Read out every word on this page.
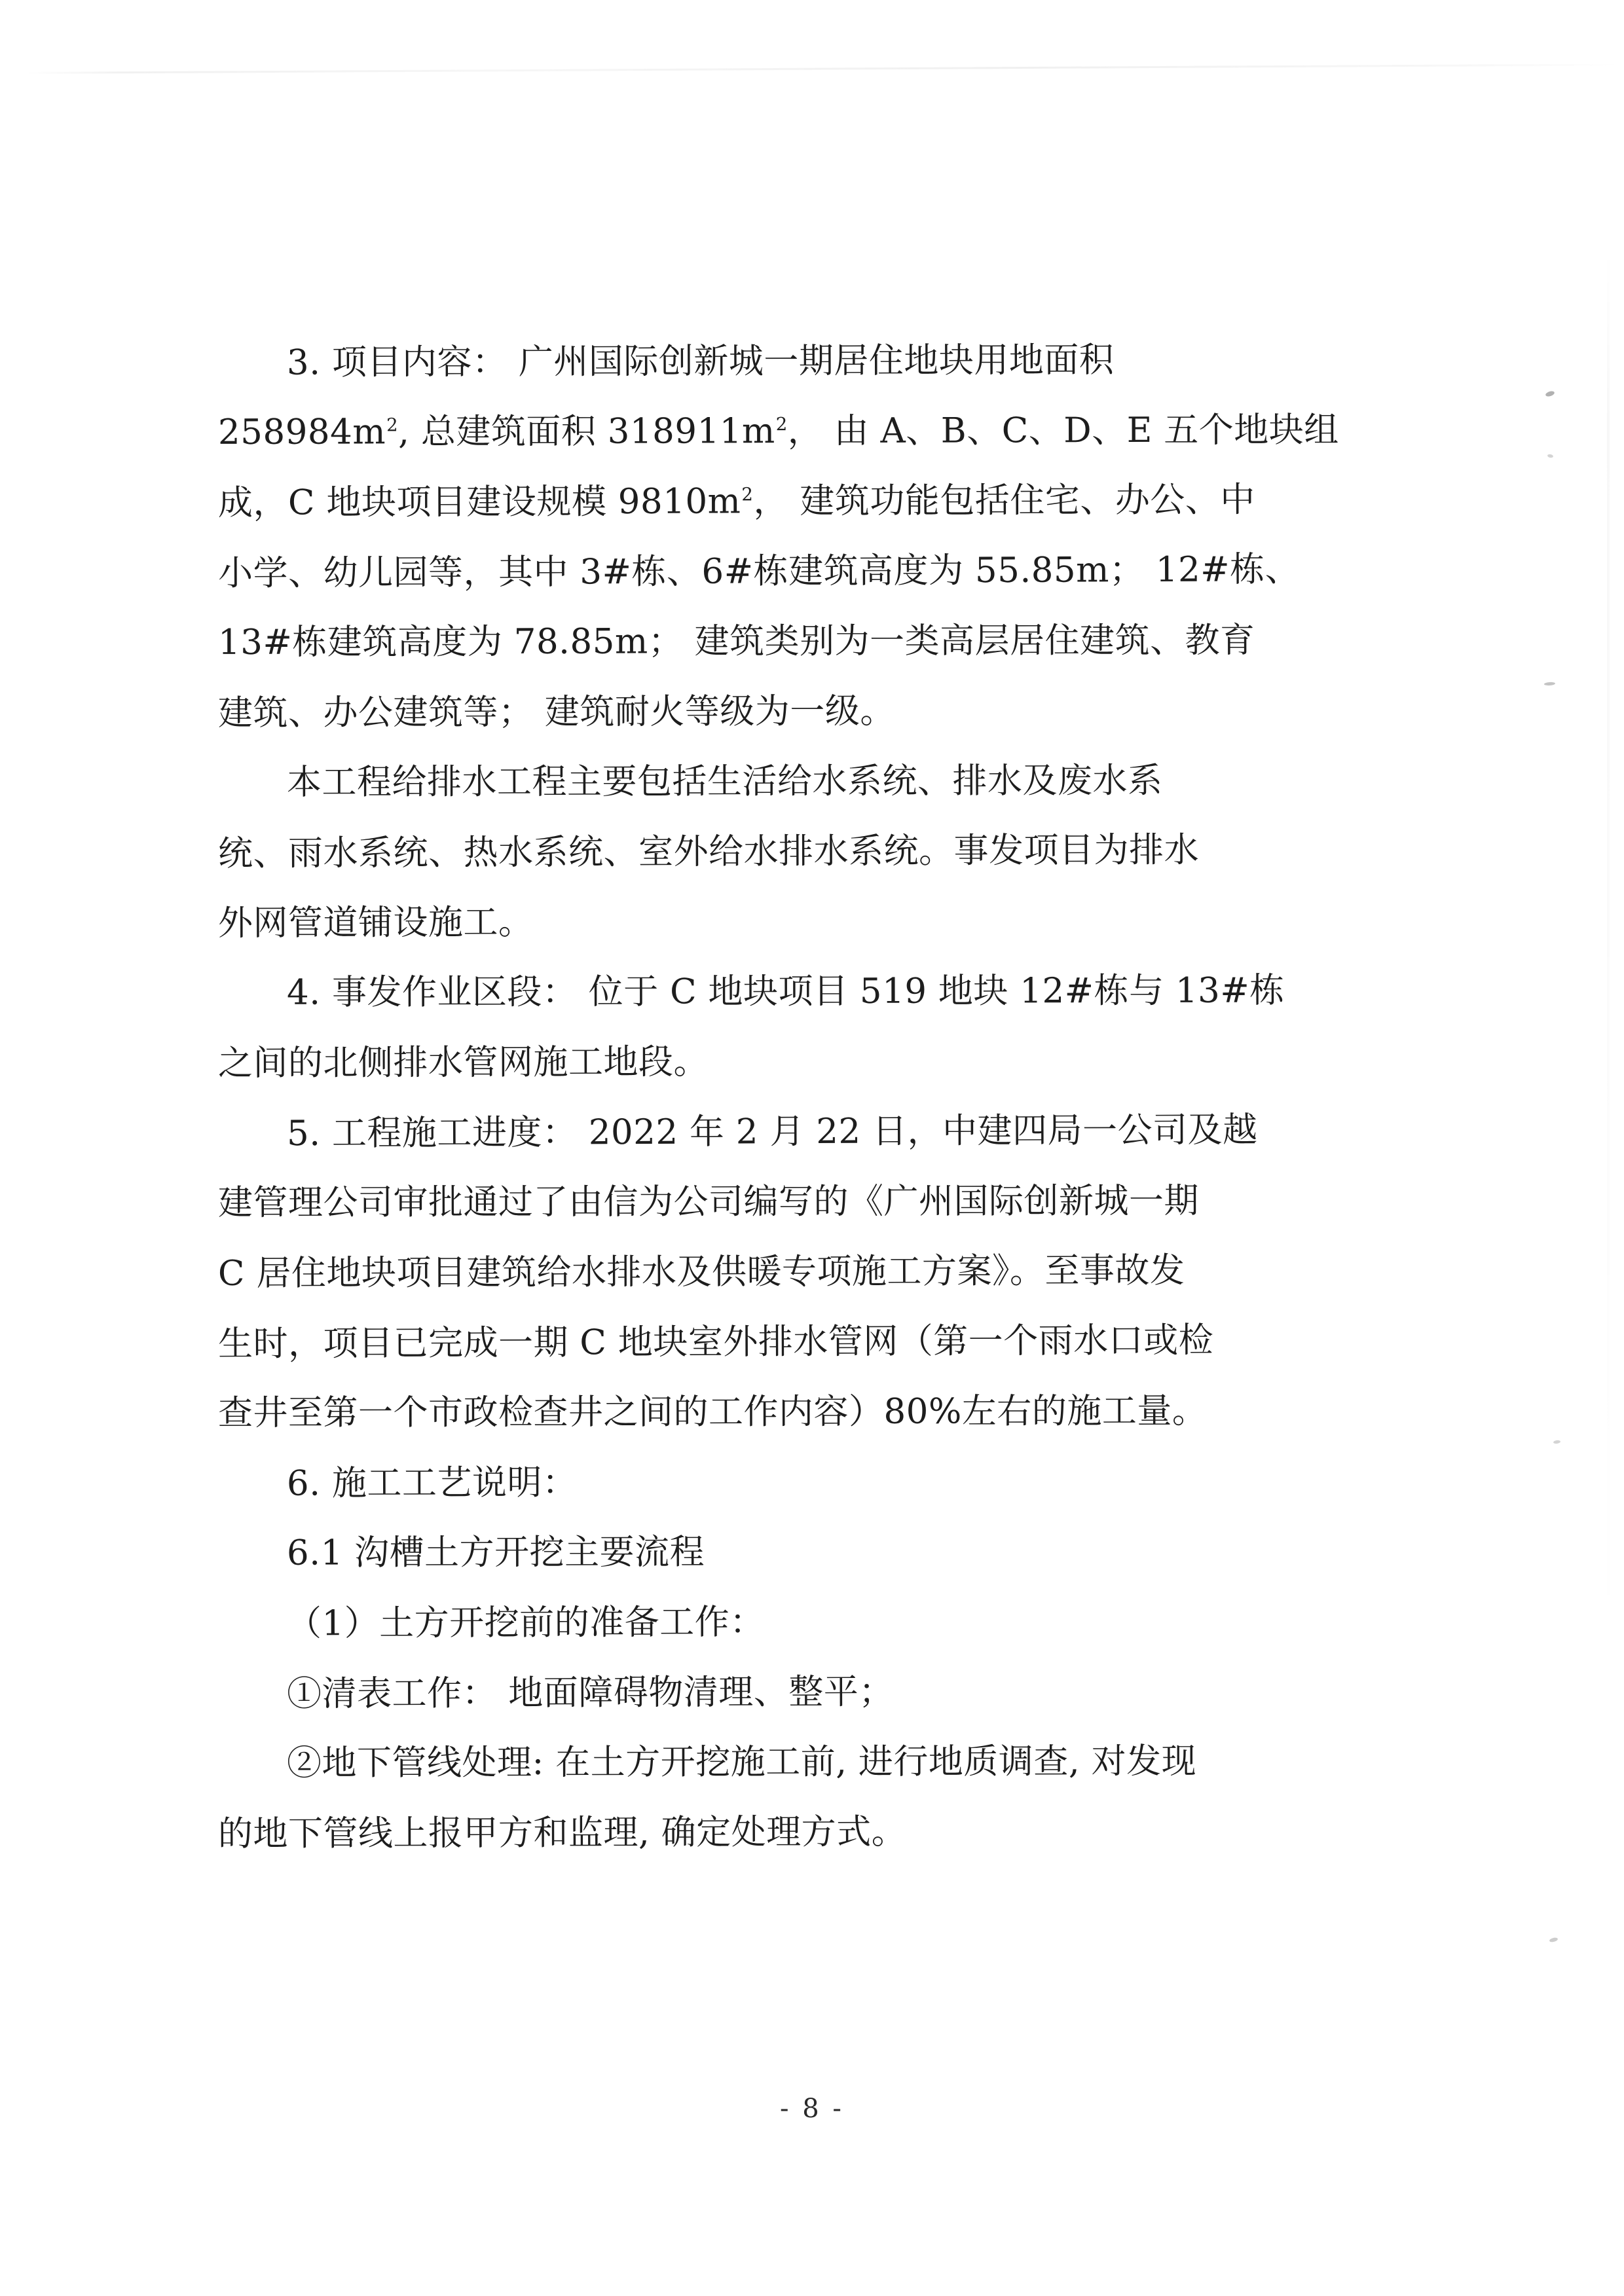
3. 项目内容： 广州国际创新城一期居住地块用地面积
$258984m^2$, 总建筑面积 $318911m^2$， 由 A、B、C、D、E 五个地块组
成，C 地块项目建设规模 $9810m^2$， 建筑功能包括住宅、办公、中
小学、幼儿园等，其中 3#栋、6#栋建筑高度为 55.85m； 12#栋、
13#栋建筑高度为 78.85m； 建筑类别为一类高层居住建筑、教育
建筑、办公建筑等； 建筑耐火等级为一级。
本工程给排水工程主要包括生活给水系统、排水及废水系
统、雨水系统、热水系统、室外给水排水系统。事发项目为排水
外网管道铺设施工。
4. 事发作业区段： 位于 C 地块项目 519 地块 12#栋与 13#栋
之间的北侧排水管网施工地段。
5. 工程施工进度： 2022 年 2 月 22 日，中建四局一公司及越
建管理公司审批通过了由信为公司编写的《广州国际创新城一期
C 居住地块项目建筑给水排水及供暖专项施工方案》。至事故发
生时，项目已完成一期 C 地块室外排水管网（第一个雨水口或检
查井至第一个市政检查井之间的工作内容）80%左右的施工量。
6. 施工工艺说明：
6.1 沟槽土方开挖主要流程
（1）土方开挖前的准备工作：
①清表工作： 地面障碍物清理、整平；
②地下管线处理: 在土方开挖施工前, 进行地质调查, 对发现
的地下管线上报甲方和监理, 确定处理方式。
- 8 -
